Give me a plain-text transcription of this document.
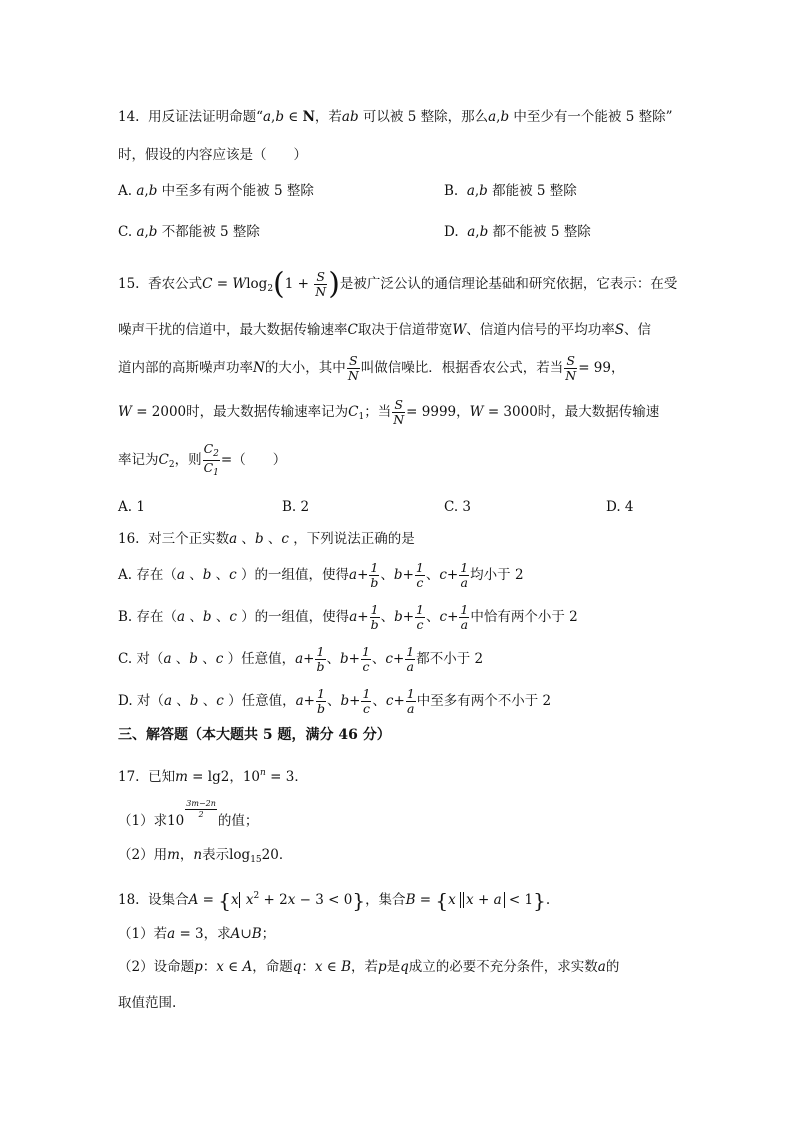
14. 用反证法证明命题“a,b ∈ N，若ab 可以被 5 整除，那么a,b 中至少有一个能被 5 整除”
时，假设的内容应该是（　　）
A. a,b 中至多有两个能被 5 整除	B. a,b 都能被 5 整除
C. a,b 不都能被 5 整除	D. a,b 都不能被 5 整除
15. 香农公式$C = Wlog_2(1 + \frac{S}{N}$ )是被广泛公认的通信理论基础和研究依据，它表示：在受
噪声干扰的信道中，最大数据传输速率C取决于信道带宽W、信道内信号的平均功率S、信
道内部的高斯噪声功率N的大小，其中 $\frac{S}{N}$ 叫做信噪比．根据香农公式，若当 $\frac{S}{N} = 99$，
W = 2000时，最大数据传输速率记为$C_1$；当 $\frac{S}{N} = 9999$，W = 3000时，最大数据传输速
率记为$C_2$，则 $\frac{C_2}{C_1}$ =（　　）
A. 1	B. 2	C. 3	D. 4
16. 对三个正实数a 、b 、c ，下列说法正确的是
A. 存在（a 、b 、c ）的一组值，使得$a+ \frac{1}{b}$ 、$b+ \frac{1}{c}$ 、$c+ \frac{1}{a}$ 均小于 2
B. 存在（a 、b 、c ）的一组值，使得$a+ \frac{1}{b}$ 、$b+ \frac{1}{c}$ 、$c+ \frac{1}{a}$ 中恰有两个小于 2
C. 对（a 、b 、c ）任意值，$a+ \frac{1}{b}$ 、$b+ \frac{1}{c}$ 、$c+ \frac{1}{a}$ 都不小于 2
D. 对（a 、b 、c ）任意值，$a+ \frac{1}{b}$ 、$b+ \frac{1}{c}$ 、$c+ \frac{1}{a}$ 中至多有两个不小于 2
三、解答题（本大题共 5 题，满分 46 分）
17. 已知m = lg2，$10^n = 3$．
（1）求10
$\frac{3m-2n}{2}$
的值；
（2）用m，n表示$\log_{15}20$．
18. 设集合A = {x $x^2 + 2x - 3 < 0$}，集合B = {x x + a < 1}.
（1）若a = 3，求A∪B；
（2）设命题p：x ∈ A，命题q：x ∈ B，若p是q成立的必要不充分条件，求实数a的
取值范围.
